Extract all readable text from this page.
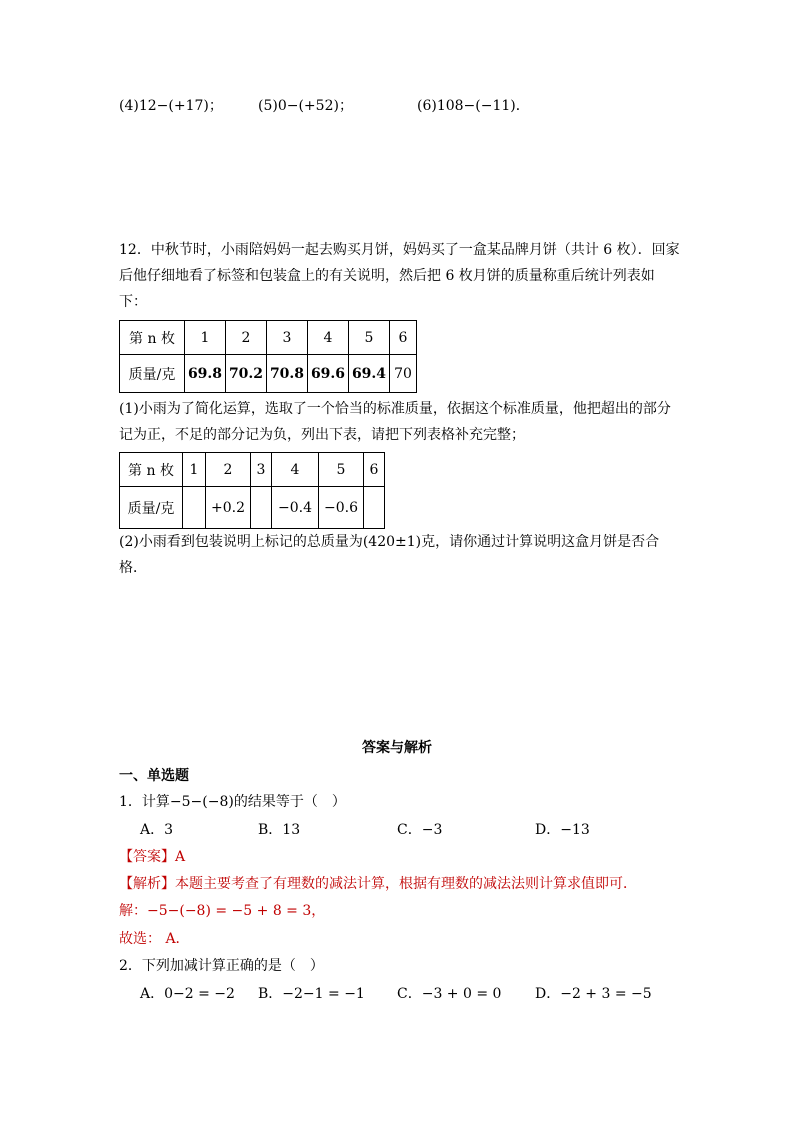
(4)12−(+17)；	(5)0−(+52)；	(6)108−(−11)．
12．中秋节时，小雨陪妈妈一起去购买月饼，妈妈买了一盒某品牌月饼（共计 6 枚）．回家
后他仔细地看了标签和包装盒上的有关说明，然后把 6 枚月饼的质量称重后统计列表如
下：
第 n 枚	1	2	3	4	5	6
质量/克	69.8	70.2	70.8	69.6	69.4	70
(1)小雨为了简化运算，选取了一个恰当的标准质量，依据这个标准质量，他把超出的部分
记为正，不足的部分记为负，列出下表，请把下列表格补充完整；
第 n 枚	1	2	3	4	5	6
质量/克		+0.2		−0.4	−0.6	
(2)小雨看到包装说明上标记的总质量为(420±1)克，请你通过计算说明这盒月饼是否合
格．
答案与解析
一、单选题
1．计算−5−(−8)的结果等于（　）
A．3	B．13	C．−3	D．−13
【答案】A
【解析】本题主要考查了有理数的减法计算，根据有理数的减法法则计算求值即可．
解：−5−(−8) = −5 + 8 = 3，
故选： A．
2．下列加减计算正确的是（　）
A．0−2 = −2 B．−2−1 = −1 C．−3 + 0 = 0 D．−2 + 3 = −5
